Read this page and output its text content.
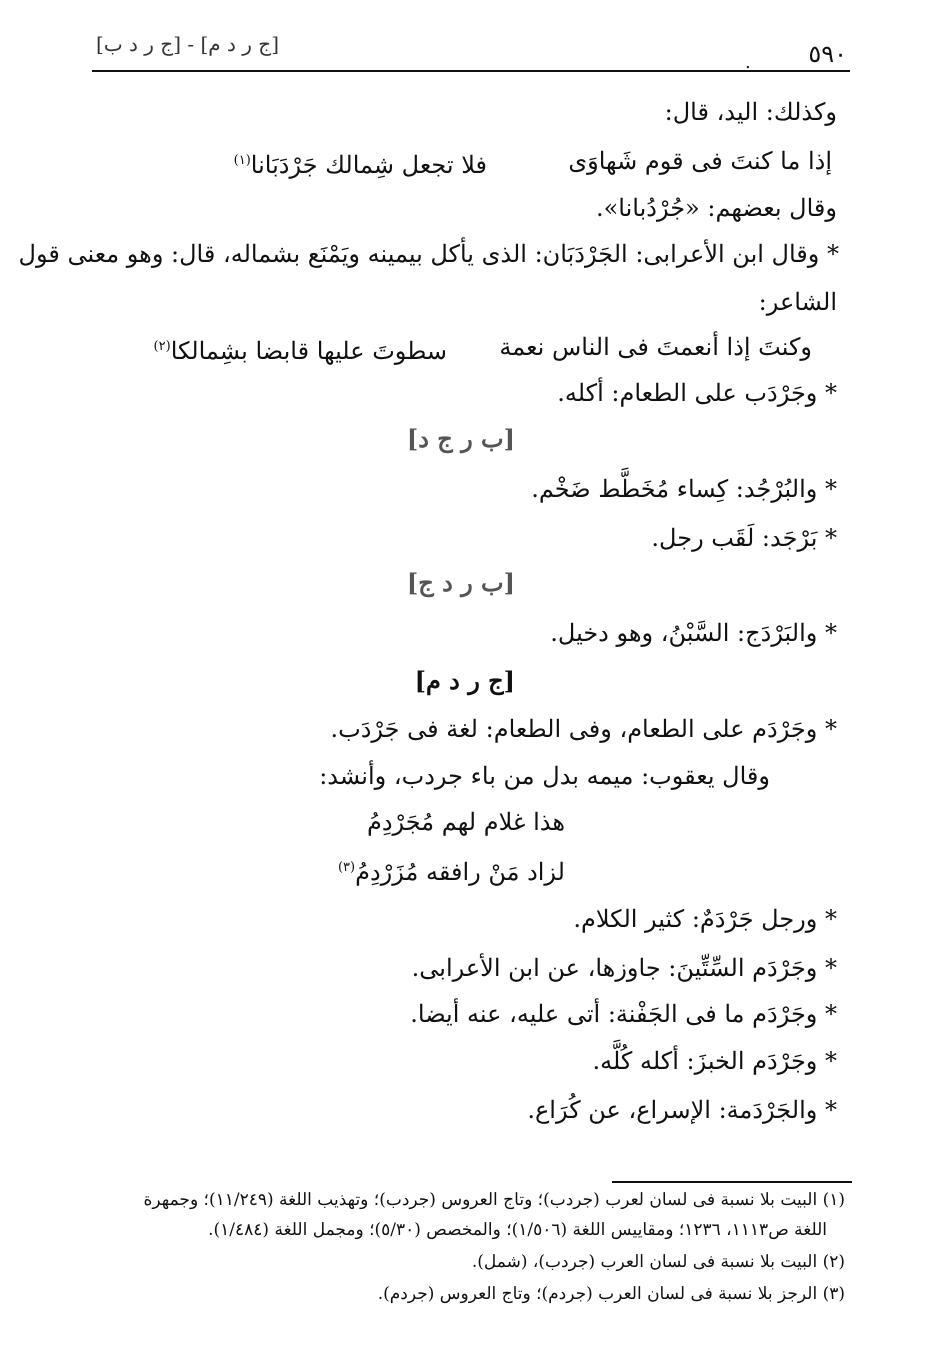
[ج ر د ب] - [ج ر د م]
. ٥٩٠
وكذلك: اليد، قال:
إذا ما كنتَ فى قوم شَهاوَى
فلا تجعل شِمالك جَرْدَبَانا$^{(١)}$
وقال بعضهم: «جُرْدُبانا».
* وقال ابن الأعرابى: الجَرْدَبَان: الذى يأكل بيمينه ويَمْنَع بشماله، قال: وهو معنى قول
الشاعر:
وكنتَ إذا أنعمتَ فى الناس نعمة
سطوتَ عليها قابضا بشِمالكا$^{(٢)}$
* وجَرْدَب على الطعام: أكله.
[ب ر ج د]
* والبُرْجُد: كِساء مُخَطَّط ضَخْم.
* بَرْجَد: لَقَب رجل.
[ب ر د ج]
* والبَرْدَج: السَّبْنُ، وهو دخيل.
[ج ر د م]
* وجَرْدَم على الطعام، وفى الطعام: لغة فى جَرْدَب.
وقال يعقوب: ميمه بدل من باء جردب، وأنشد:
هذا غلام لهم مُجَرْدِمُ
لزاد مَنْ رافقه مُزَرْدِمُ$^{(٣)}$
* ورجل جَرْدَمٌ: كثير الكلام.
* وجَرْدَم السِّتِّينَ: جاوزها، عن ابن الأعرابى.
* وجَرْدَم ما فى الجَفْنة: أتى عليه، عنه أيضا.
* وجَرْدَم الخبزَ: أكله كُلَّه.
* والجَرْدَمة: الإسراع، عن كُرَاع.
(١) البيت بلا نسبة فى لسان لعرب (جردب)؛ وتاج العروس (جردب)؛ وتهذيب اللغة (١١/٢٤٩)؛ وجمهرة
اللغة ص١١١٣، ١٢٣٦؛ ومقاييس اللغة (١/٥٠٦)؛ والمخصص (٥/٣٠)؛ ومجمل اللغة (١/٤٨٤).
(٢) البيت بلا نسبة فى لسان العرب (جردب)، (شمل).
(٣) الرجز بلا نسبة فى لسان العرب (جردم)؛ وتاج العروس (جردم).
